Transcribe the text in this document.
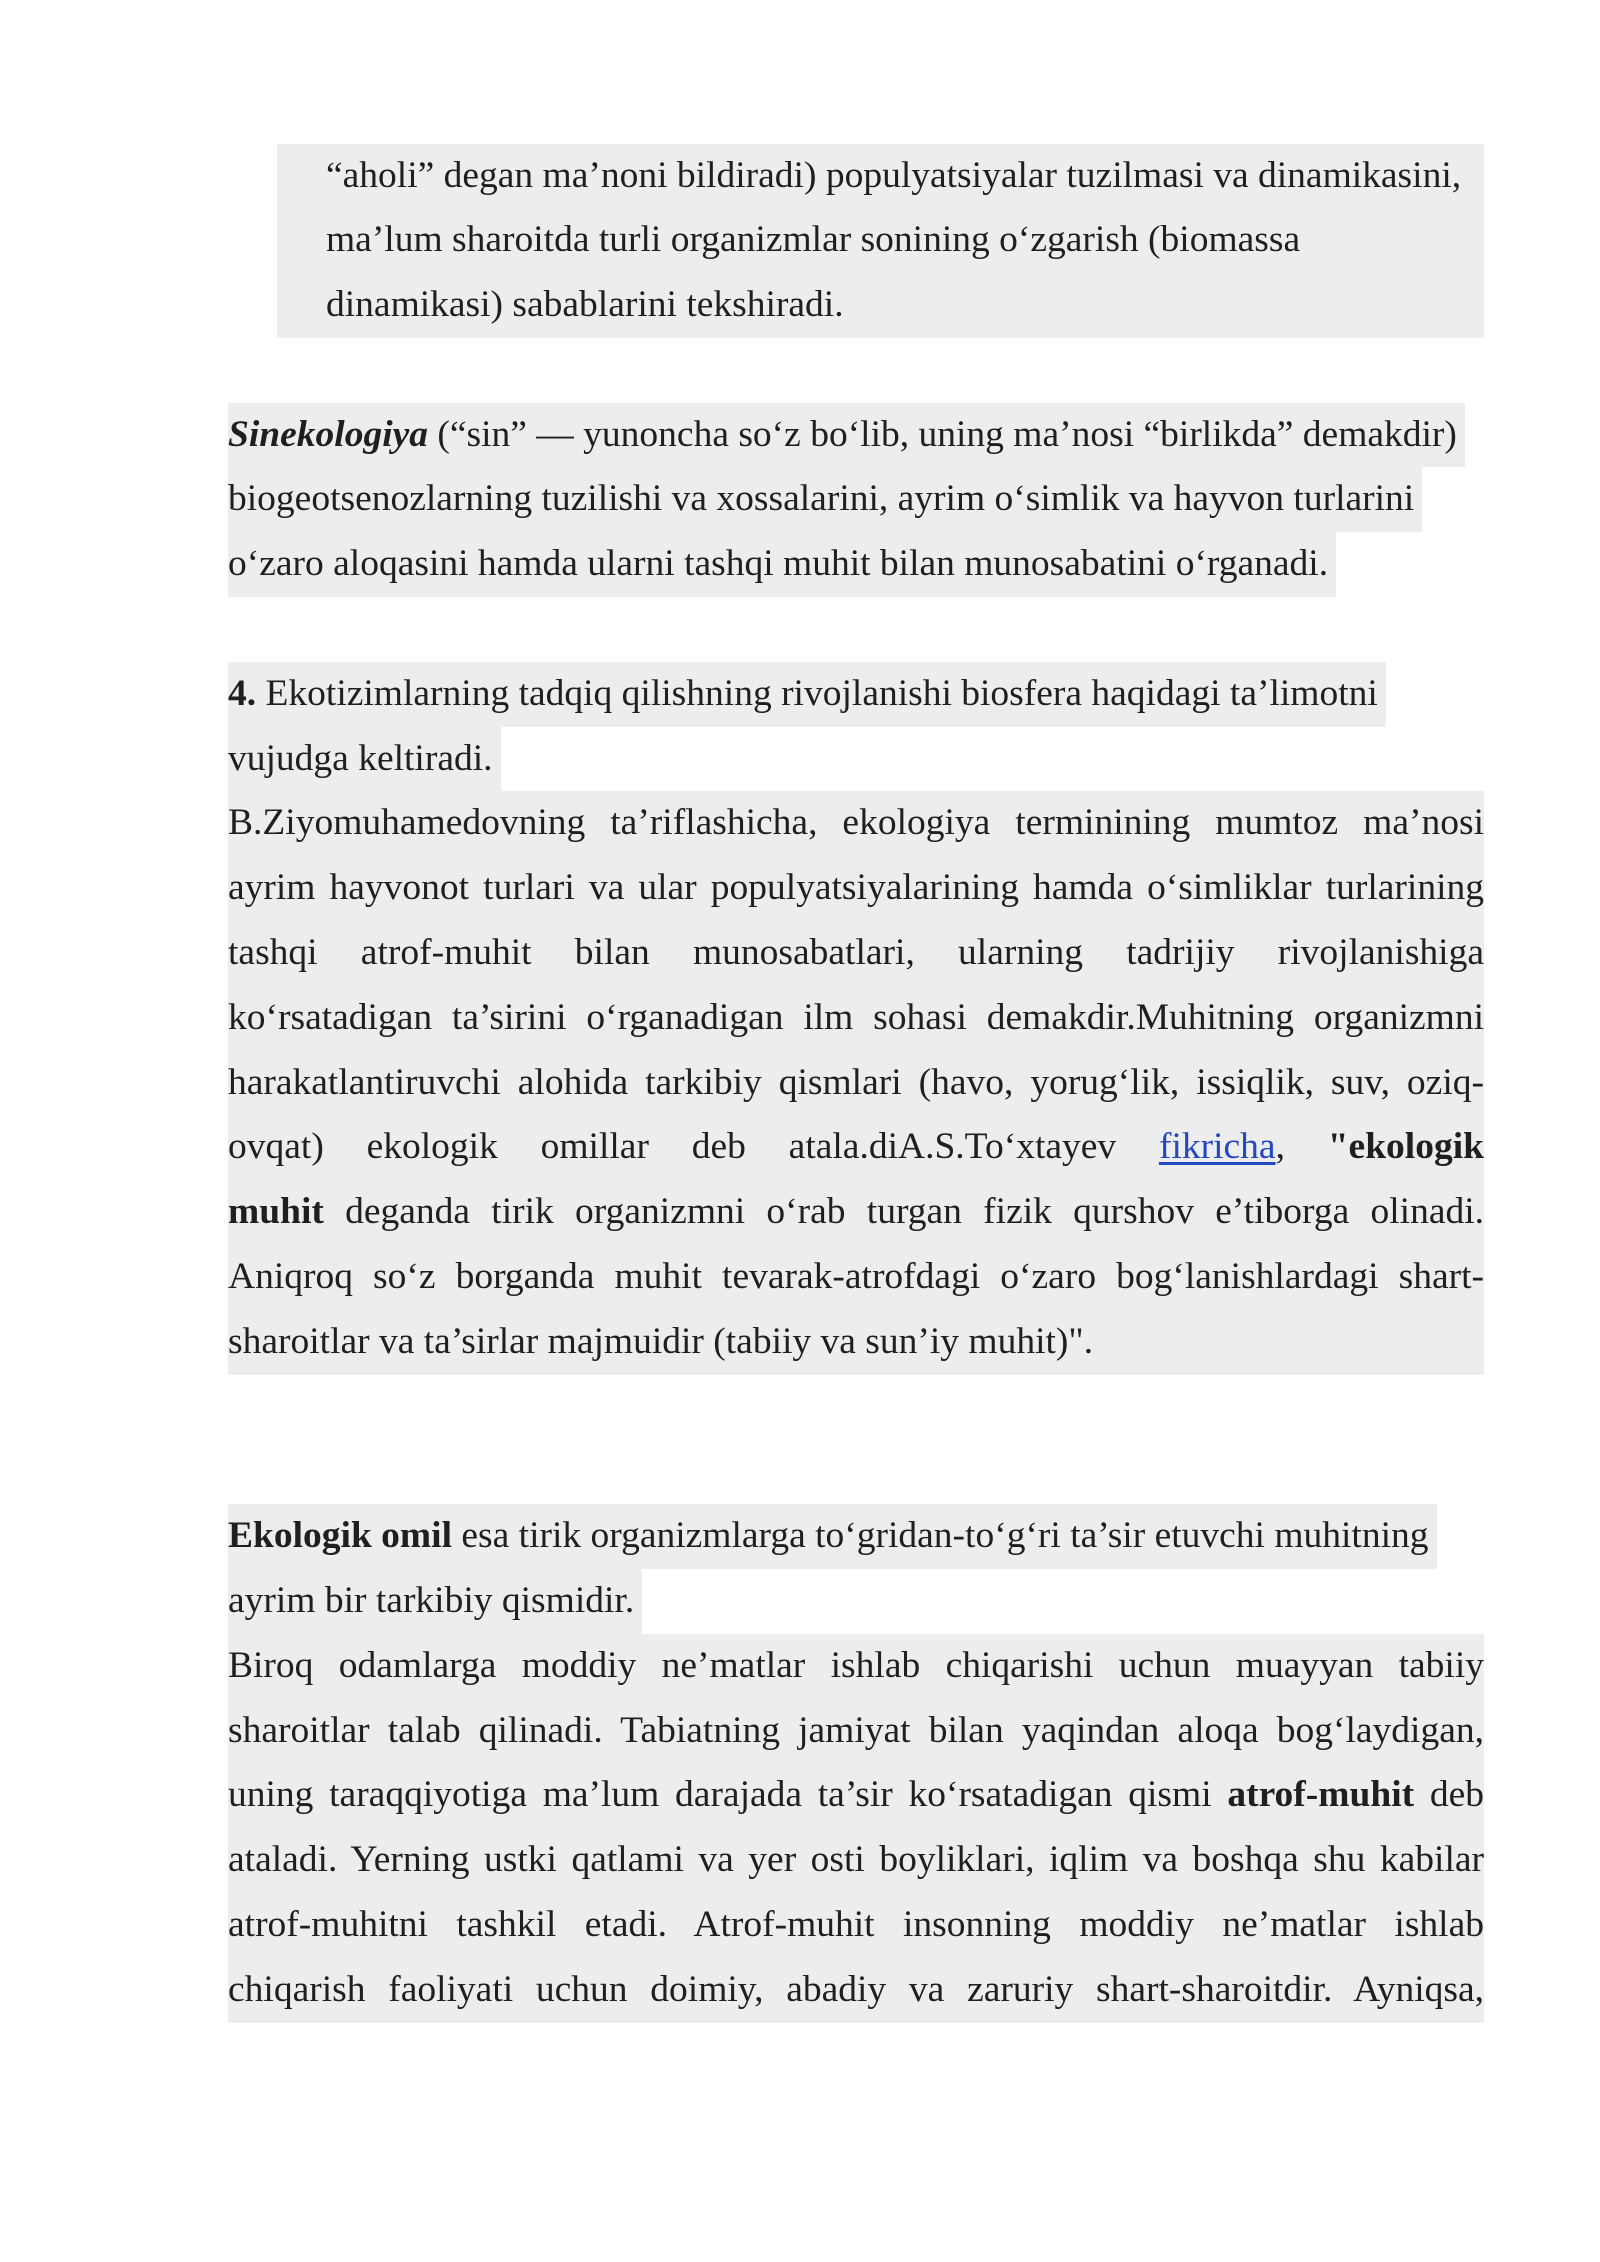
“aholi” degan ma’noni bildiradi) populyatsiyalar tuzilmasi va dinamikasini,
ma’lum sharoitda turli organizmlar sonining o‘zgarish (biomassa
dinamikasi) sabablarini tekshiradi.
Sinekologiya (“sin” — yunoncha so‘z bo‘lib, uning ma’nosi “birlikda” demakdir)
biogeotsenozlarning tuzilishi va xossalarini, ayrim o‘simlik va hayvon turlarini
o‘zaro aloqasini hamda ularni tashqi muhit bilan munosabatini o‘rganadi.
4. Ekotizimlarning tadqiq qilishning rivojlanishi biosfera haqidagi ta’limotni
vujudga keltiradi.
B.Ziyomuhamedovning ta’riflashicha, ekologiya terminining mumtoz ma’nosi
ayrim hayvonot turlari va ular populyatsiyalarining hamda o‘simliklar turlarining
tashqi atrof-muhit bilan munosabatlari, ularning tadrijiy rivojlanishiga
ko‘rsatadigan ta’sirini o‘rganadigan ilm sohasi demakdir.Muhitning organizmni
harakatlantiruvchi alohida tarkibiy qismlari (havo, yorug‘lik, issiqlik, suv, oziq-
ovqat) ekologik omillar deb atala.diA.S.To‘xtayev fikricha, "ekologik
muhit deganda tirik organizmni o‘rab turgan fizik qurshov e’tiborga olinadi.
Aniqroq so‘z borganda muhit tevarak-atrofdagi o‘zaro bog‘lanishlardagi shart-
sharoitlar va ta’sirlar majmuidir (tabiiy va sun’iy muhit)".
Ekologik omil esa tirik organizmlarga to‘gridan-to‘g‘ri ta’sir etuvchi muhitning
ayrim bir tarkibiy qismidir.
Biroq odamlarga moddiy ne’matlar ishlab chiqarishi uchun muayyan tabiiy
sharoitlar talab qilinadi. Tabiatning jamiyat bilan yaqindan aloqa bog‘laydigan,
uning taraqqiyotiga ma’lum darajada ta’sir ko‘rsatadigan qismi atrof-muhit deb
ataladi. Yerning ustki qatlami va yer osti boyliklari, iqlim va boshqa shu kabilar
atrof-muhitni tashkil etadi. Atrof-muhit insonning moddiy ne’matlar ishlab
chiqarish faoliyati uchun doimiy, abadiy va zaruriy shart-sharoitdir. Ayniqsa,
